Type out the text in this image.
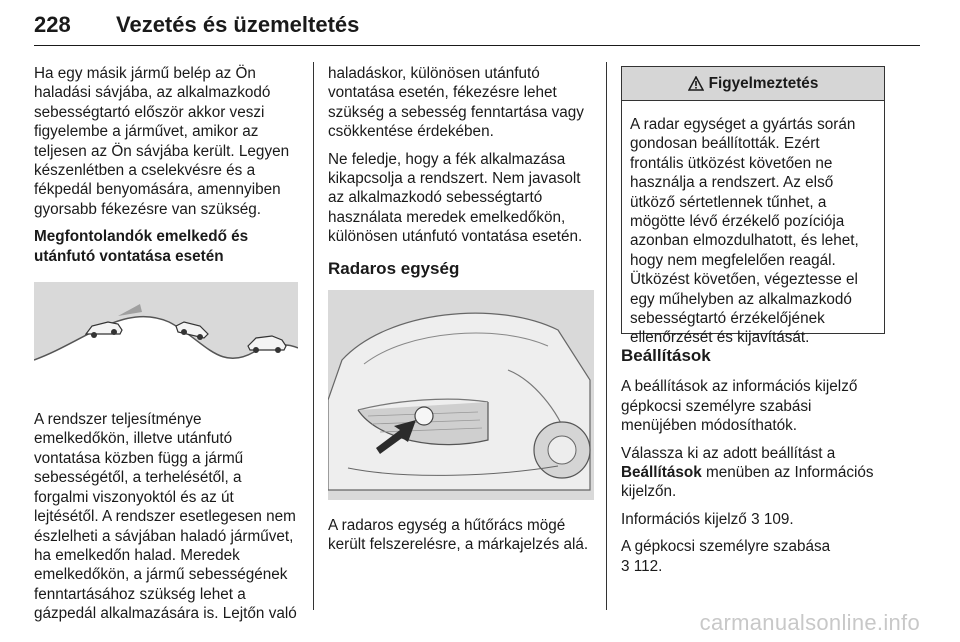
228 Vezetés és üzemeltetés

Ha egy másik jármű belép az Ön haladási sávjába, az alkalmazkodó sebességtartó először akkor veszi figyelembe a járművet, amikor az teljesen az Ön sávjába került. Legyen készenlétben a cselekvésre és a fékpedál benyomására, amennyiben gyorsabb fékezésre van szükség.

Megfontolandók emelkedő és utánfutó vontatása esetén

A rendszer teljesítménye emelkedőkön, illetve utánfutó vontatása közben függ a jármű sebességétől, a terhelésétől, a forgalmi viszonyoktól és az út lejtésétől. A rendszer esetlegesen nem észlelheti a sávjában haladó járművet, ha emelkedőn halad. Meredek emelkedőkön, a jármű sebességének fenntartásához szükség lehet a gázpedál alkalmazására is. Lejtőn való

haladáskor, különösen utánfutó vontatása esetén, fékezésre lehet szükség a sebesség fenntartása vagy csökkentése érdekében.

Ne feledje, hogy a fék alkalmazása kikapcsolja a rendszert. Nem javasolt az alkalmazkodó sebességtartó használata meredek emelkedőkön, különösen utánfutó vontatása esetén.

Radaros egység

A radaros egység a hűtőrács mögé került felszerelésre, a márkajelzés alá.

Figyelmeztetés
A radar egységet a gyártás során gondosan beállították. Ezért frontális ütközést követően ne használja a rendszert. Az első ütköző sértetlennek tűnhet, a mögötte lévő érzékelő pozíciója azonban elmozdulhatott, és lehet, hogy nem megfelelően reagál. Ütközést követően, végeztesse el egy műhelyben az alkalmazkodó sebességtartó érzékelőjének ellenőrzését és kijavítását.
Beállítások

A beállítások az információs kijelző gépkocsi személyre szabási menüjében módosíthatók.

Válassza ki az adott beállítást a Beállítások menüben az Információs kijelzőn.

Információs kijelző 3 109.

A gépkocsi személyre szabása
3 112.

carmanualsonline.info
